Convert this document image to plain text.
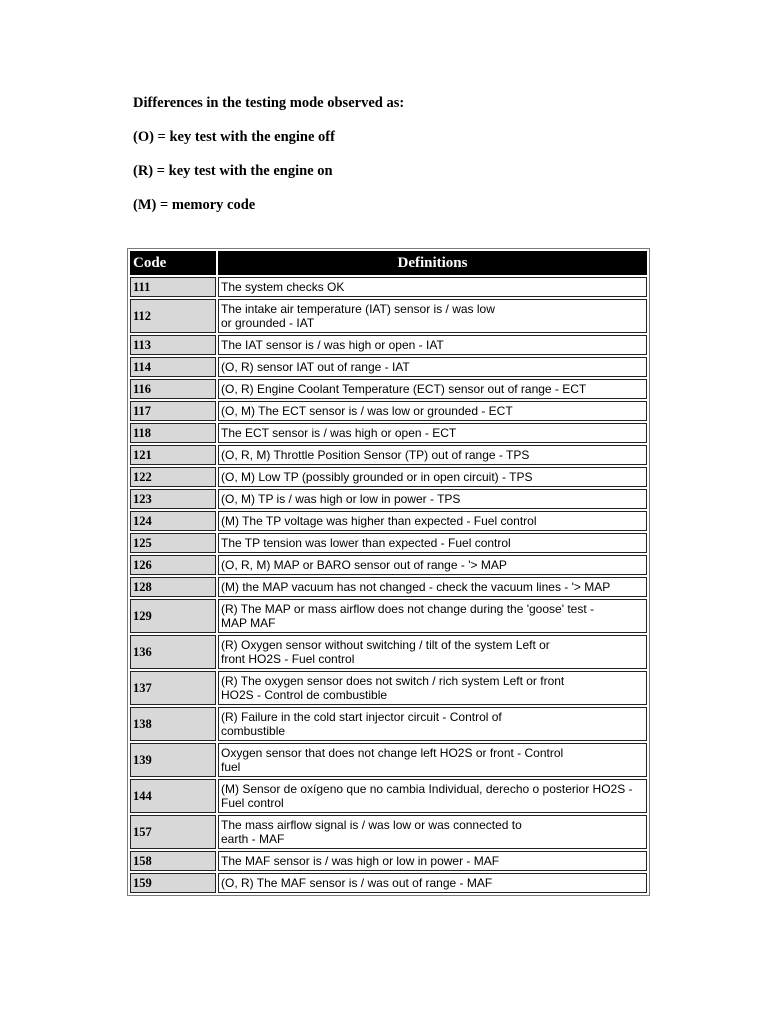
Differences in the testing mode observed as:

(O) = key test with the engine off

(R) = key test with the engine on

(M) = memory code

Code	Definitions
111	The system checks OK
112	The intake air temperature (IAT) sensor is / was low
or grounded - IAT
113	The IAT sensor is / was high or open - IAT
114	(O, R) sensor IAT out of range - IAT
116	(O, R) Engine Coolant Temperature (ECT) sensor out of range - ECT
117	(O, M) The ECT sensor is / was low or grounded - ECT
118	The ECT sensor is / was high or open - ECT
121	(O, R, M) Throttle Position Sensor (TP) out of range - TPS
122	(O, M) Low TP (possibly grounded or in open circuit) - TPS
123	(O, M) TP is / was high or low in power - TPS
124	(M) The TP voltage was higher than expected - Fuel control
125	The TP tension was lower than expected - Fuel control
126	(O, R, M) MAP or BARO sensor out of range - '> MAP
128	(M) the MAP vacuum has not changed - check the vacuum lines - '> MAP
129	(R) The MAP or mass airflow does not change during the 'goose' test -
MAP MAF
136	(R) Oxygen sensor without switching / tilt of the system Left or
front HO2S - Fuel control
137	(R) The oxygen sensor does not switch / rich system Left or front
HO2S - Control de combustible
138	(R) Failure in the cold start injector circuit - Control of
combustible
139	Oxygen sensor that does not change left HO2S or front - Control
fuel
144	(M) Sensor de oxígeno que no cambia Individual, derecho o posterior HO2S -
Fuel control
157	The mass airflow signal is / was low or was connected to
earth - MAF
158	The MAF sensor is / was high or low in power - MAF
159	(O, R) The MAF sensor is / was out of range - MAF
